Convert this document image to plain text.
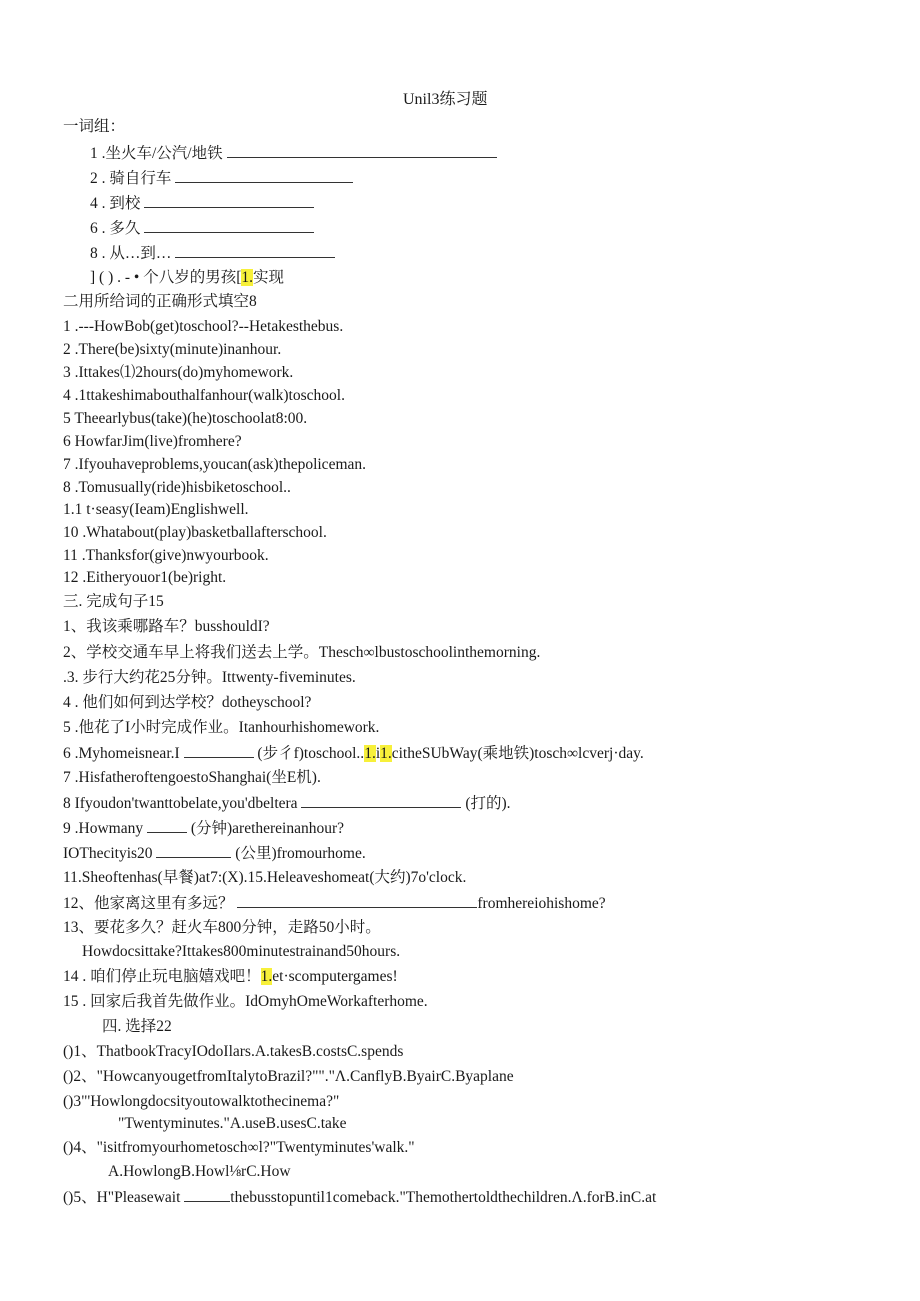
Unil3练习题
一词组：
1 .坐火车/公汽/地铁
2 . 骑自行车
4 . 到校
6 . 多久
8 . 从…到…
] ( ) . - • 个八岁的男孩[1.实现
二用所给词的正确形式填空8
1 .---HowBob(get)toschool?--Hetakesthebus.
2 .There(be)sixty(minute)inanhour.
3 .Ittakes⑴2hours(do)myhomework.
4 .1ttakeshimabouthalfanhour(walk)toschool.
5 Theearlybus(take)(he)toschoolat8:00.
6 HowfarJim(live)fromhere?
7 .Ifyouhaveproblems,youcan(ask)thepoliceman.
8 .Tomusually(ride)hisbiketoschool..
1.1 t·seasy(Ieam)Englishwell.
10 .Whatabout(play)basketballafterschool.
11 .Thanksfor(give)nwyourbook.
12 .Eitheryouor1(be)right.
三. 完成句子15
1、我该乘哪路车？busshouldI?
2、学校交通车早上将我们送去上学。Thesch∞lbustoschoolinthemorning.
.3. 步行大约花25分钟。Ittwenty-fiveminutes.
4 . 他们如何到达学校？dotheyschool?
5 .他花了I小时完成作业。Itanhourhishomework.
6 .Myhomeisnear.I	(步彳f)toschool..1.i1.citheSUbWay(乘地铁)tosch∞lcverj·day.
7 .HisfatheroftengoestoShanghai(坐E机).
8 Ifyoudon'twanttobelate,you'dbeltera	(打的).
9 .Howmany	(分钟)arethereinanhour?
IOThecityis20	(公里)fromourhome.
11.Sheoftenhas(早餐)at7:(X).15.Heleaveshomeat(大约)7o'clock.
12、他家离这里有多远？	fromhereiohishome?
13、要花多久？赶火车800分钟，走路50小时。
Howdocsittake?Ittakes800minutestrainand50hours.
14 . 咱们停止玩电脑嬉戏吧！1.et·scomputergames!
15 . 回家后我首先做作业。IdOmyhOmeWorkafterhome.
四. 选择22
()1、ThatbookTracyIOdoIlars.A.takesB.costsC.spends
()2、"HowcanyougetfromItalytoBrazil?""."Λ.CanflyB.ByairC.Byaplane
()3"'Howlongdocsityoutowalktothecinema?"
"Twentyminutes."A.useB.usesC.take
()4、"isitfromyourhometosch∞l?"Twentyminutes'walk."
A.HowlongB.Howl⅛rC.How
()5、H"Pleasewait	thebusstopuntil1comeback."Themothertoldthechildren.Λ.forB.inC.at
